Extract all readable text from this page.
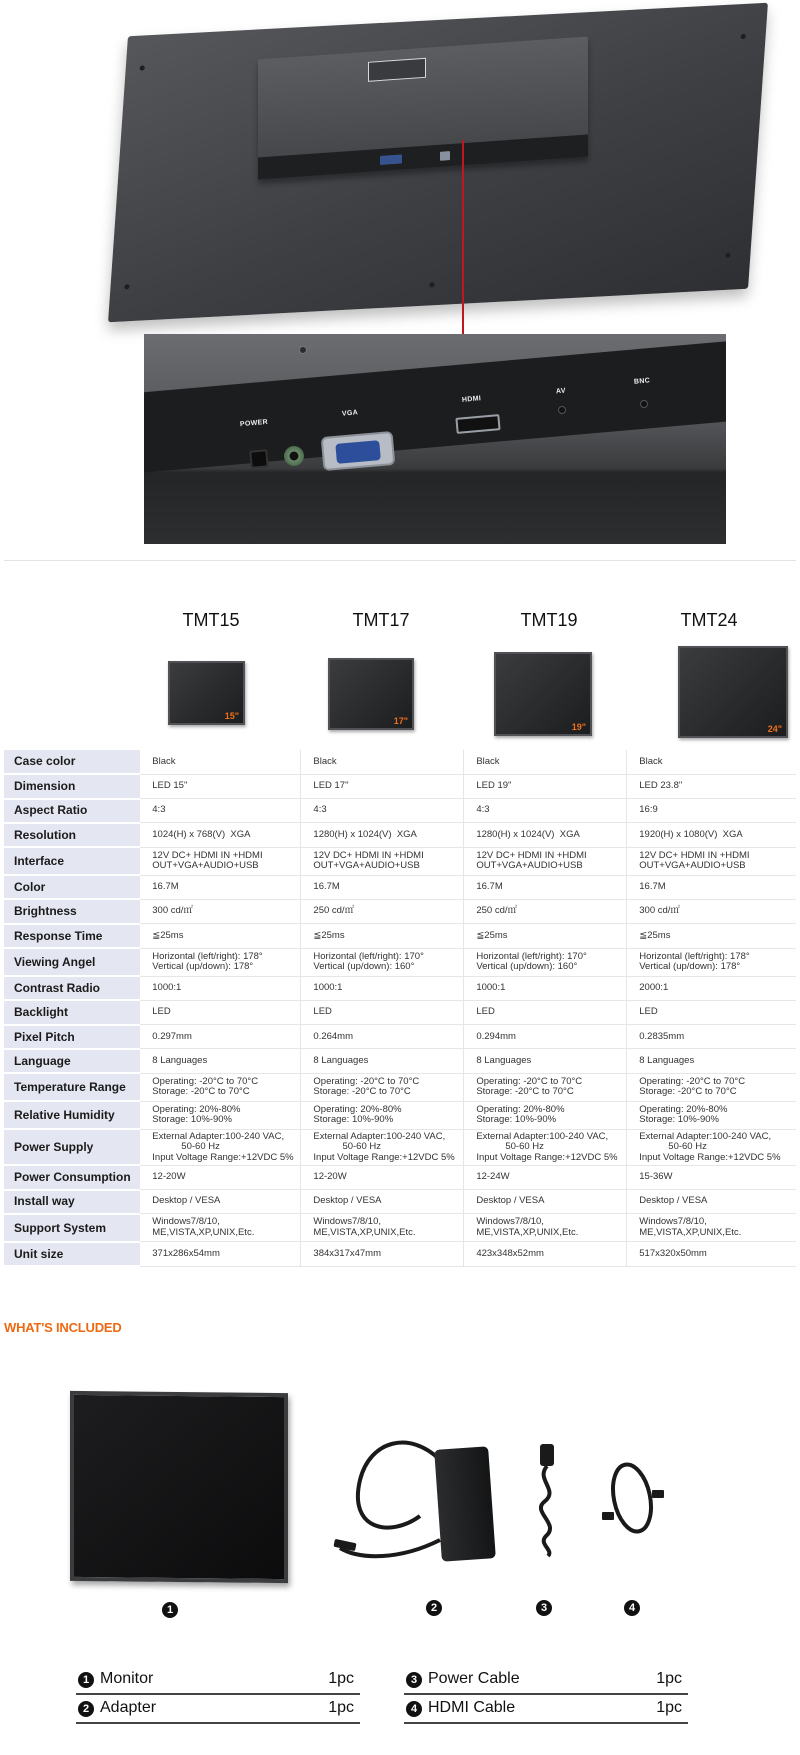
POWER
VGA
HDMI
AV
BNC
TMT15	TMT17	TMT19	TMT24
15"	17"
19"	24"
Case color	Black	Black	Black	Black
Dimension	LED 15"	LED 17"	LED 19"	LED 23.8"
Aspect Ratio	4:3	4:3	4:3	16:9
Resolution	1024(H) x 768(V)  XGA	1280(H) x 1024(V)  XGA	1280(H) x 1024(V)  XGA	1920(H) x 1080(V)  XGA
Interface	12V DC+ HDMI IN +HDMI
OUT+VGA+AUDIO+USB	12V DC+ HDMI IN +HDMI
OUT+VGA+AUDIO+USB	12V DC+ HDMI IN +HDMI
OUT+VGA+AUDIO+USB	12V DC+ HDMI IN +HDMI
OUT+VGA+AUDIO+USB
Color	16.7M	16.7M	16.7M	16.7M
Brightness	300 cd/㎡	250 cd/㎡	250 cd/㎡	300 cd/㎡
Response Time	≦25ms	≦25ms	≦25ms	≦25ms
Viewing Angel	Horizontal (left/right): 178°
Vertical (up/down): 178°	Horizontal (left/right): 170°
Vertical (up/down): 160°	Horizontal (left/right): 170°
Vertical (up/down): 160°	Horizontal (left/right): 178°
Vertical (up/down): 178°
Contrast Radio	1000:1	1000:1	1000:1	2000:1
Backlight	LED	LED	LED	LED
Pixel Pitch	0.297mm	0.264mm	0.294mm	0.2835mm
Language	8 Languages	8 Languages	8 Languages	8 Languages
Temperature Range	Operating: -20°C to 70°C
Storage: -20°C to 70°C	Operating: -20°C to 70°C
Storage: -20°C to 70°C	Operating: -20°C to 70°C
Storage: -20°C to 70°C	Operating: -20°C to 70°C
Storage: -20°C to 70°C
Relative Humidity	Operating: 20%-80%
Storage: 10%-90%	Operating: 20%-80%
Storage: 10%-90%	Operating: 20%-80%
Storage: 10%-90%	Operating: 20%-80%
Storage: 10%-90%
Power Supply	External Adapter:100-240 VAC,
50-60 Hz
Input Voltage Range:+12VDC 5%	External Adapter:100-240 VAC,
50-60 Hz
Input Voltage Range:+12VDC 5%	External Adapter:100-240 VAC,
50-60 Hz
Input Voltage Range:+12VDC 5%	External Adapter:100-240 VAC,
50-60 Hz
Input Voltage Range:+12VDC 5%
Power Consumption	12-20W	12-20W	12-24W	15-36W
Install way	Desktop / VESA	Desktop / VESA	Desktop / VESA	Desktop / VESA
Support System	Windows7/8/10,
ME,VISTA,XP,UNIX,Etc.	Windows7/8/10,
ME,VISTA,XP,UNIX,Etc.	Windows7/8/10,
ME,VISTA,XP,UNIX,Etc.	Windows7/8/10,
ME,VISTA,XP,UNIX,Etc.
Unit size	371x286x54mm	384x317x47mm	423x348x52mm	517x320x50mm
WHAT'S INCLUDED
1	2	3	4
1 Monitor	1pc
2 Adapter	1pc
3 Power Cable	1pc
4 HDMI Cable	1pc
